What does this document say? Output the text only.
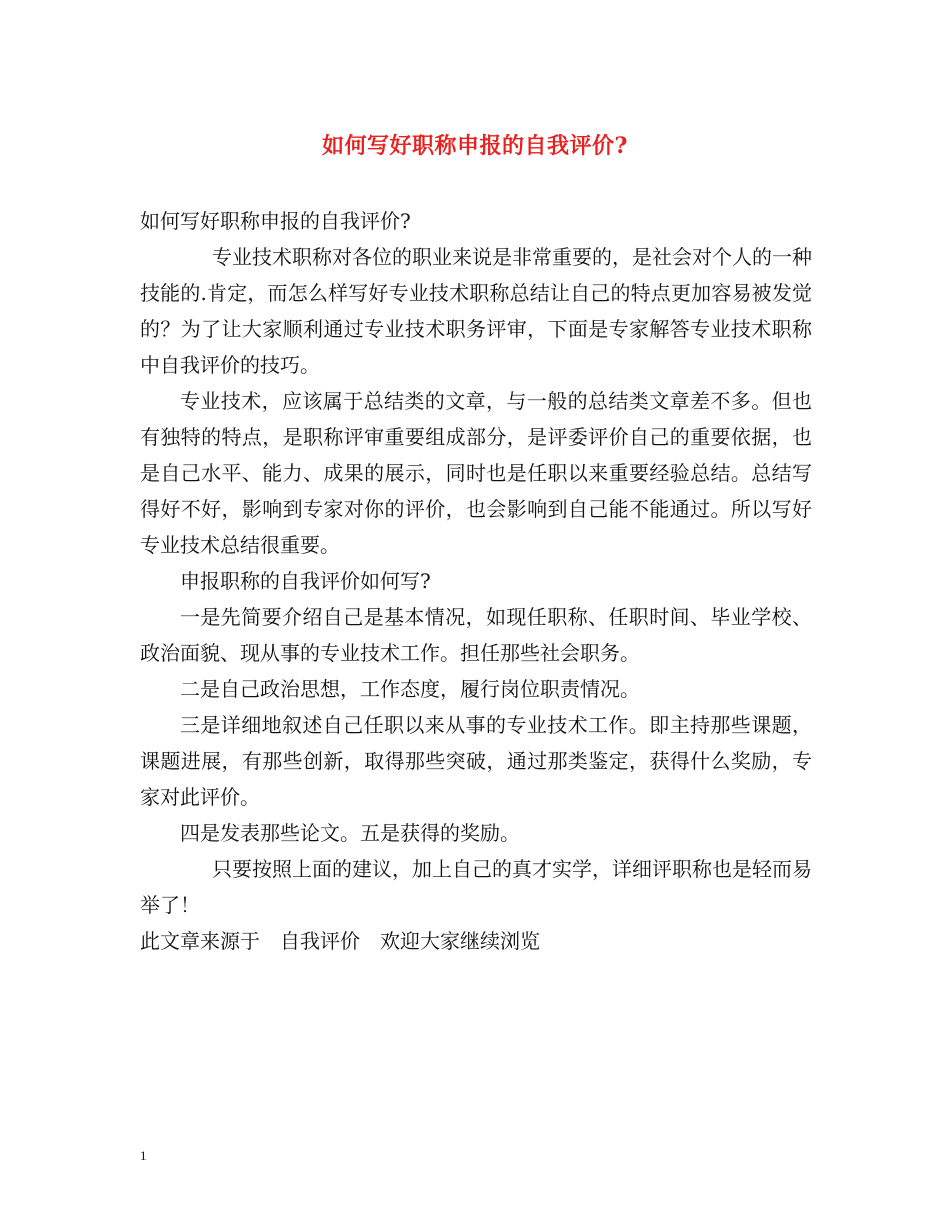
如何写好职称申报的自我评价?

如何写好职称申报的自我评价?

专业技术职称对各位的职业来说是非常重要的，是社会对个人的一种技能的.肯定，而怎么样写好专业技术职称总结让自己的特点更加容易被发觉的？为了让大家顺利通过专业技术职务评审，下面是专家解答专业技术职称中自我评价的技巧。

专业技术，应该属于总结类的文章，与一般的总结类文章差不多。但也有独特的特点，是职称评审重要组成部分，是评委评价自己的重要依据，也是自己水平、能力、成果的展示，同时也是任职以来重要经验总结。总结写得好不好，影响到专家对你的评价，也会影响到自己能不能通过。所以写好专业技术总结很重要。

申报职称的自我评价如何写?

一是先简要介绍自己是基本情况，如现任职称、任职时间、毕业学校、政治面貌、现从事的专业技术工作。担任那些社会职务。

二是自己政治思想，工作态度，履行岗位职责情况。

三是详细地叙述自己任职以来从事的专业技术工作。即主持那些课题，课题进展，有那些创新，取得那些突破，通过那类鉴定，获得什么奖励，专家对此评价。

四是发表那些论文。五是获得的奖励。

只要按照上面的建议，加上自己的真才实学，详细评职称也是轻而易举了！

此文章来源于　自我评价　欢迎大家继续浏览

1
